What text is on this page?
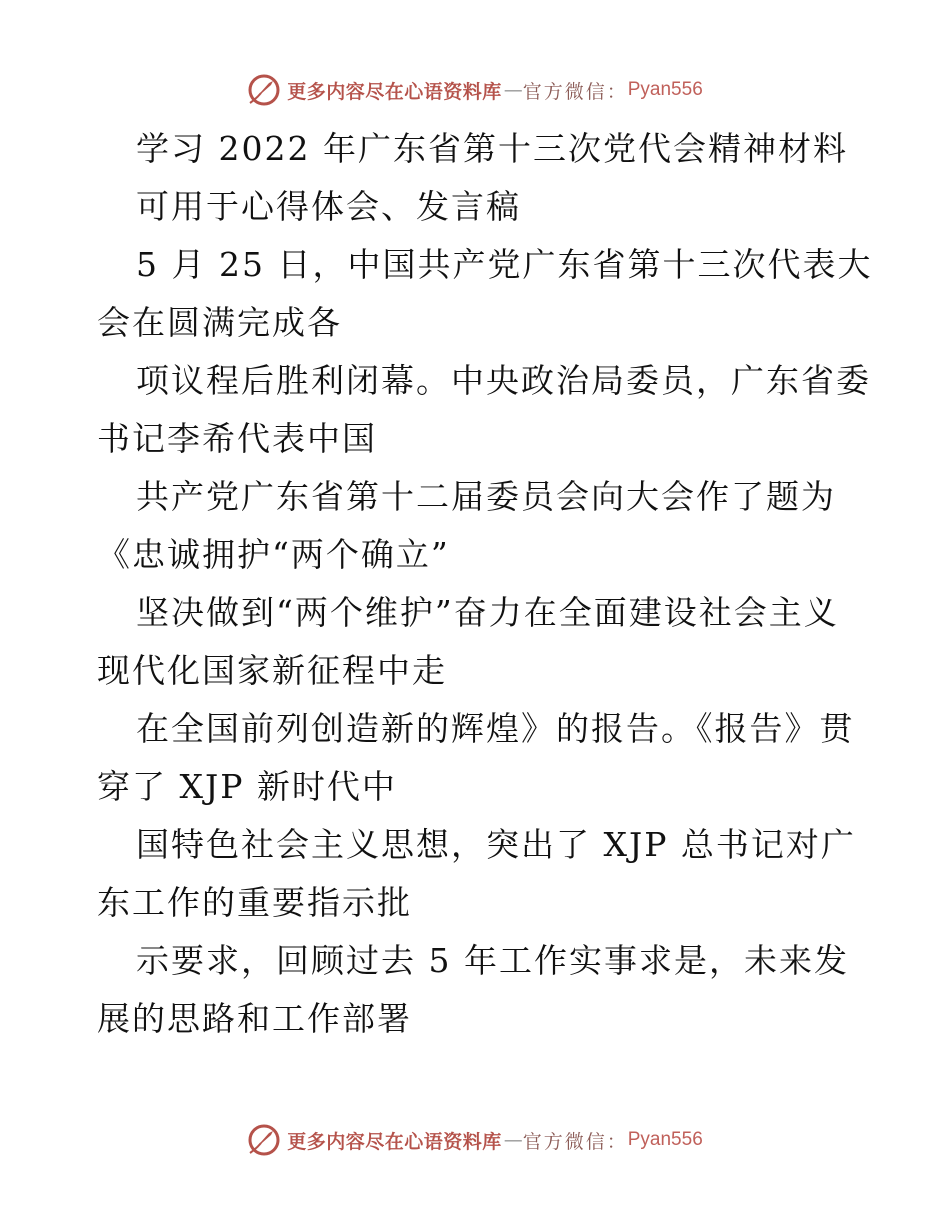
更多内容尽在心语资料库 — 官方微信： Pyan556
学习 2022 年广东省第十三次党代会精神材料
可用于心得体会、发言稿
5 月 25 日，中国共产党广东省第十三次代表大
会在圆满完成各
项议程后胜利闭幕。中央政治局委员，广东省委
书记李希代表中国
共产党广东省第十二届委员会向大会作了题为
《忠诚拥护“两个确立”
坚决做到“两个维护”奋力在全面建设社会主义
现代化国家新征程中走
在全国前列创造新的辉煌》的报告。《报告》贯
穿了 XJP 新时代中
国特色社会主义思想，突出了 XJP 总书记对广
东工作的重要指示批
示要求，回顾过去 5 年工作实事求是，未来发
展的思路和工作部署
更多内容尽在心语资料库 — 官方微信： Pyan556
